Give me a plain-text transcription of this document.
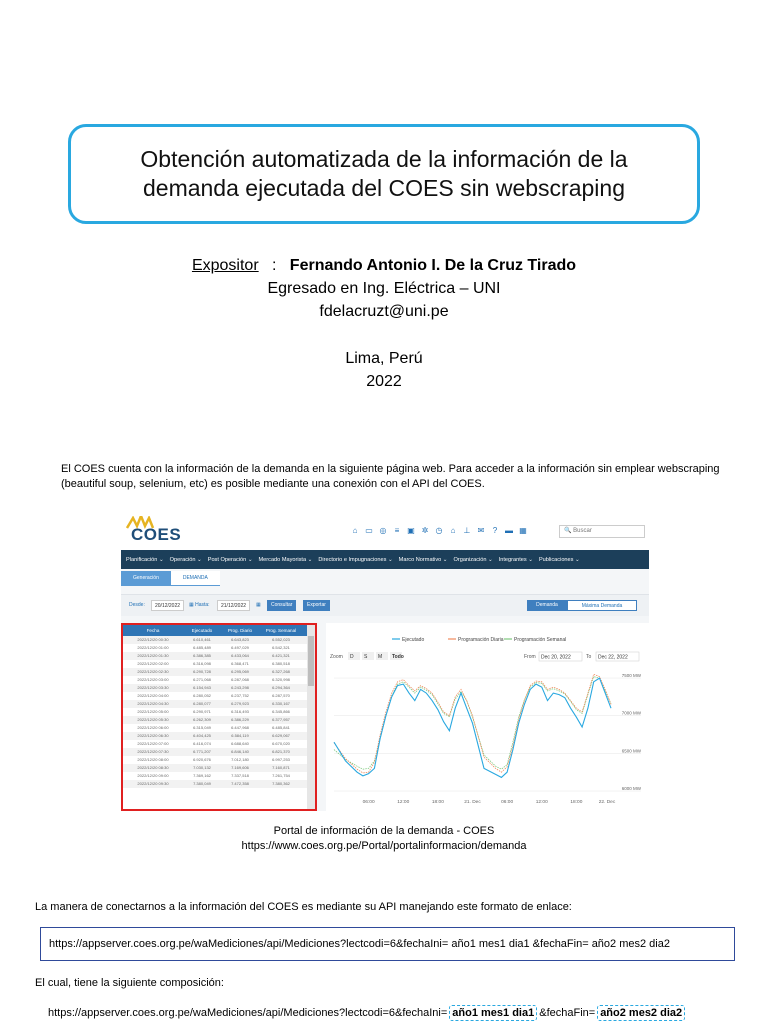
Obtención automatizada de la información de la
demanda ejecutada del COES sin webscraping
Expositor : Fernando Antonio I. De la Cruz Tirado
Egresado en Ing. Eléctrica – UNI
fdelacruzt@uni.pe
Lima, Perú
2022

El COES cuenta con la información de la demanda en la siguiente página web. Para acceder a la información sin emplear webscraping (beautiful soup, selenium, etc) es posible mediante una conexión con el API del COES.

COES	⌂ ▭ ◎ ≡ ▣ ✲ ◷ ⌂ ⊥ ✉ ? ▬ ▦	🔍 Buscar
Planificación ⌄ Operación ⌄ Post Operación ⌄ Mercado Mayorista ⌄ Directorio e Impugnaciones ⌄ Marco Normativo ⌄ Organización ⌄ Integrantes ⌄ Publicaciones ⌄
Generación	DEMANDA
Desde:	20/12/2022	▦ Hasta:	21/12/2022	▦	Consultar	Exportar	Demanda	Máxima Demanda
Fecha	Ejecutado	Prog. Diario	Prog. Semanal
2022/12/20 00:30	6.610,461	6.643,823	6.552,023
2022/12/20 01:00	6.485,489	6.497,029	6.542,321
2022/12/20 01:30	6.386,385	6.433,064	6.421,321
2022/12/20 02:00	6.316,098	6.368,471	6.380,518
2022/12/20 02:30	6.290,728	6.295,069	6.327,268
2022/12/20 03:00	6.271,068	6.287,068	6.320,998
2022/12/20 03:30	6.154,943	6.243,298	6.294,364
2022/12/20 04:00	6.280,052	6.237,752	6.287,570
2022/12/20 04:30	6.280,077	6.279,923	6.330,167
2022/12/20 05:00	6.290,971	6.316,493	6.345,866
2022/12/20 05:30	6.262,309	6.386,229	6.377,957
2022/12/20 06:00	6.315,049	6.447,968	6.485,841
2022/12/20 06:30	6.404,425	6.584,119	6.629,067
2022/12/20 07:00	6.416,074	6.688,640	6.670,020
2022/12/20 07:30	6.771,207	6.846,140	6.821,370
2022/12/20 08:00	6.920,676	7.012,180	6.997,253
2022/12/20 08:30	7.030,132	7.169,606	7.160,871
2022/12/20 09:00	7.369,162	7.337,518	7.261,754
2022/12/20 09:30	7.380,049	7.472,358	7.380,362
Ejecutado	Programación Diaria Programación Semanal
Zoom D S M Todo	From Dec 20, 2022	To Dec 22, 2022
7500 MW
7000 MW
6500 MW
6000 MW
06:00	12:00	18:00	21. Dec	06:00	12:00	18:00	22. Dec
Portal de información de la demanda - COES
https://www.coes.org.pe/Portal/portalinformacion/demanda

La manera de conectarnos a la información del COES es mediante su API manejando este formato de enlace:

https://appserver.coes.org.pe/waMediciones/api/Mediciones?lectcodi=6&fechaIni= año1 mes1 dia1 &fechaFin= año2 mes2 dia2

El cual, tiene la siguiente composición:

https://appserver.coes.org.pe/waMediciones/api/Mediciones?lectcodi=6&fechaIni= año1 mes1 dia1 &fechaFin= año2 mes2 dia2
